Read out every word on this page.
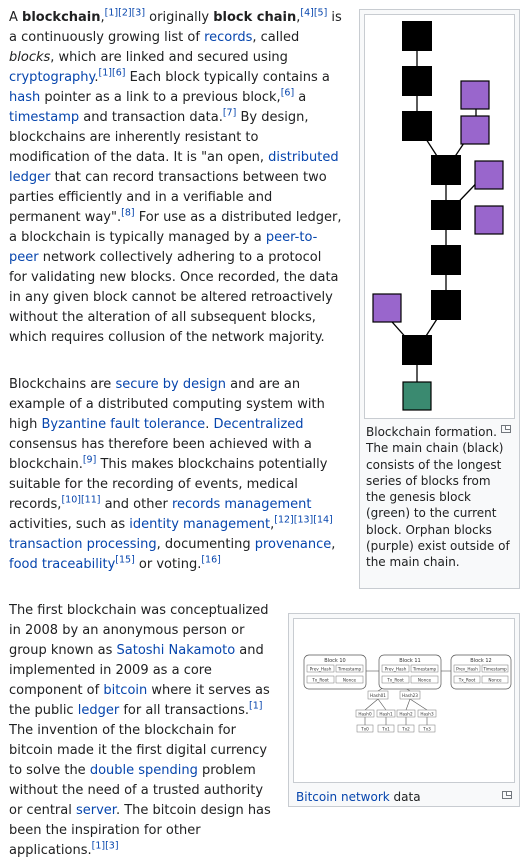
A blockchain,[1][2][3] originally block chain,[4][5] is a continuously growing list of records, called blocks, which are linked and secured using cryptography.[1][6] Each block typically contains a hash pointer as a link to a previous block,[6] a timestamp and transaction data.[7] By design, blockchains are inherently resistant to modification of the data. It is "an open, distributed ledger that can record transactions between two parties efficiently and in a verifiable and permanent way".[8] For use as a distributed ledger, a blockchain is typically managed by a peer-to-peer network collectively adhering to a protocol for validating new blocks. Once recorded, the data in any given block cannot be altered retroactively without the alteration of all subsequent blocks, which requires collusion of the network majority.

Blockchains are secure by design and are an example of a distributed computing system with high Byzantine fault tolerance. Decentralized consensus has therefore been achieved with a blockchain.[9] This makes blockchains potentially suitable for the recording of events, medical records,[10][11] and other records management activities, such as identity management,[12][13][14] transaction processing, documenting provenance, food traceability[15] or voting.[16]

The first blockchain was conceptualized in 2008 by an anonymous person or group known as Satoshi Nakamoto and implemented in 2009 as a core component of bitcoin where it serves as the public ledger for all transactions.[1] The invention of the blockchain for bitcoin made it the first digital currency to solve the double spending problem without the need of a trusted authority or central server. The bitcoin design has been the inspiration for other applications.[1][3]

Blockchain formation. The main chain (black) consists of the longest series of blocks from the genesis block (green) to the current block. Orphan blocks (purple) exist outside of the main chain.
Block 10
Prev_Hash Timestamp
Tx_Root	Nonce
Block 11
Prev_Hash Timestamp
Tx_Root	Nonce
Block 12
Prev_Hash Timestamp
Tx_Root	Nonce
Hash01	Hash23
Hash0 Hash1 Hash2 Hash3
Tx0	Tx1	Tx2	Tx3
Bitcoin network data
